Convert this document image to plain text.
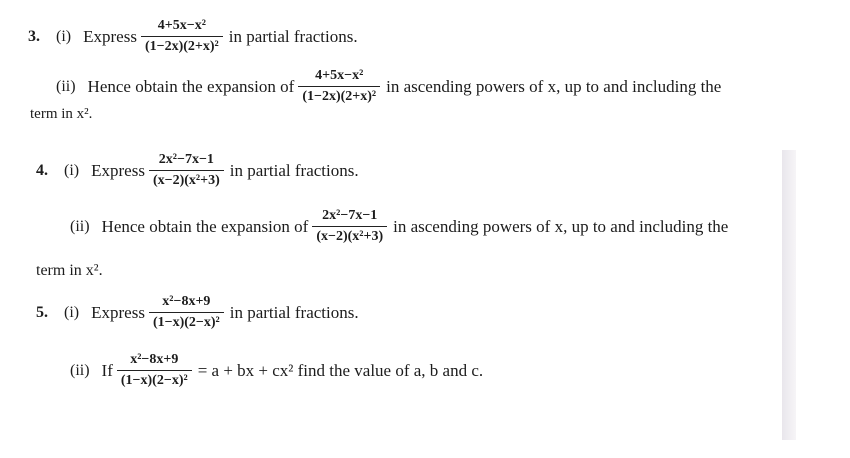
3. (i) Express $\frac{\text{4+5x−x²}}{\text{(1−2x)(2+x)²}}$ in partial fractions.
(ii) Hence obtain the expansion of $\frac{\text{4+5x−x²}}{\text{(1−2x)(2+x)²}}$ in ascending powers of x, up to and including the
term in x².
4. (i) Express $\frac{\text{2x²−7x−1}}{\text{(x−2)(x²+3)}}$ in partial fractions.
(ii) Hence obtain the expansion of $\frac{\text{2x²−7x−1}}{\text{(x−2)(x²+3)}}$ in ascending powers of x, up to and including the
term in x².
5. (i) Express $\frac{\text{x²−8x+9}}{\text{(1−x)(2−x)²}}$ in partial fractions.
(ii) If $\frac{\text{x²−8x+9}}{\text{(1−x)(2−x)²}} = a$ + bx + cx² find the value of a, b and c.
